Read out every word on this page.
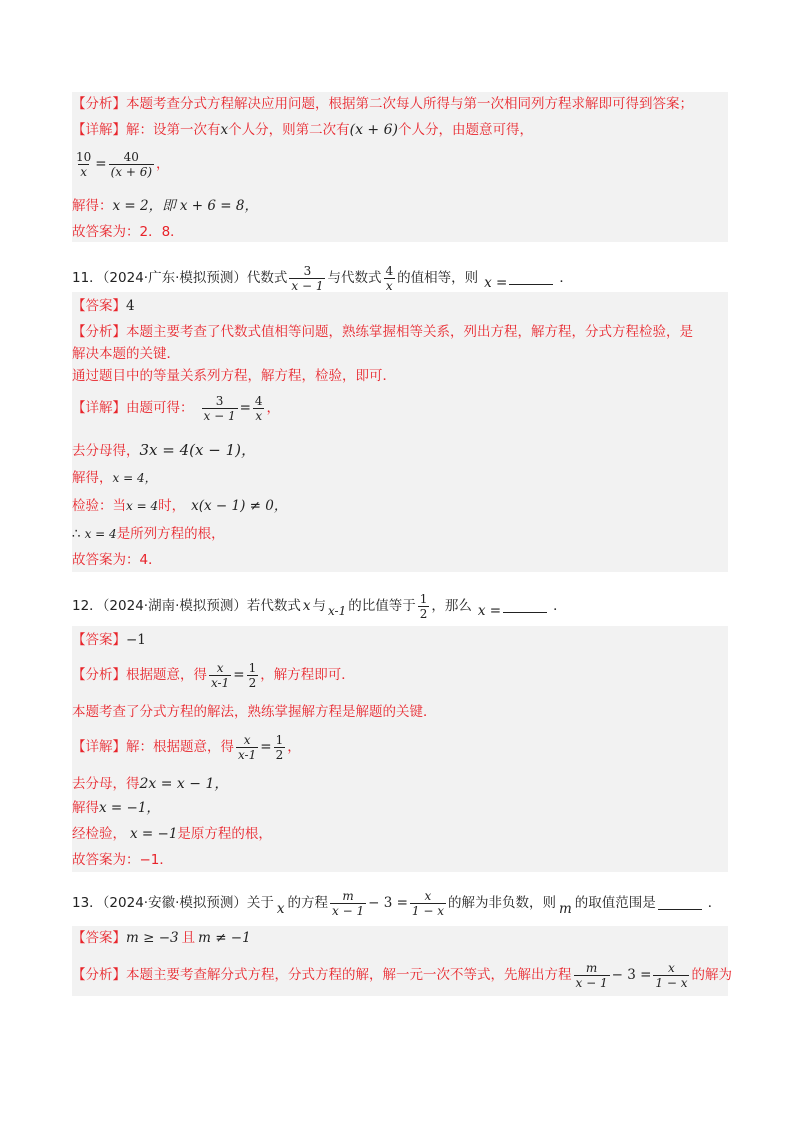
【分析】本题考查分式方程解决应用问题，根据第二次每人所得与第一次相同列方程求解即可得到答案；
【详解】解：设第一次有x个人分，则第二次有(x + 6)个人分，由题意可得，
$\frac{10}{x} = \frac{40}{(x + 6)}$ ，
解得：x = 2，即 x + 6 = 8，
故答案为：2．8．
11．（2024·广东·模拟预测）代数式 $\frac{3}{x - 1}$ 与代数式 $\frac{4}{x}$ 的值相等，则 x =	．
【答案】4
【分析】本题主要考查了代数式值相等问题，熟练掌握相等关系，列出方程，解方程，分式方程检验，是
解决本题的关键．
通过题目中的等量关系列方程，解方程，检验，即可．
【详解】 由题可得： $\frac{3}{x - 1} = \frac{4}{x}$ ，
去分母得，3x = 4(x − 1)，
解得，x = 4，
检验：当x = 4时， x(x − 1) ≠ 0，
∴ x = 4是所列方程的根，
故答案为：4．
12．（2024·湖南·模拟预测）若代数式 x 与 x-1 的比值等于 $\frac{1}{2}$ ，那么 x =	．
【答案】−1
【分析】 根据题意，得 $\frac{x}{x-1} = \frac{1}{2}$ ，解方程即可．
本题考查了分式方程的解法，熟练掌握解方程是解题的关键．
【详解】 解：根据题意，得 $\frac{x}{x-1} = \frac{1}{2}$ ，
去分母，得2x = x − 1，
解得x = −1，
经检验， x = −1是原方程的根，
故答案为：−1．
13．（2024·安徽·模拟预测）关于 x 的方程 $\frac{m}{x - 1} - 3 = \frac{x}{1 - x}$ 的解为非负数，则 m 的取值范围是	．
【答案】m ≥ −3 且 m ≠ −1
【分析】 本题主要考查解分式方程，分式方程的解，解一元一次不等式，先解出方程 $\frac{m}{x - 1} - 3 = \frac{x}{1 - x}$ 的解为
